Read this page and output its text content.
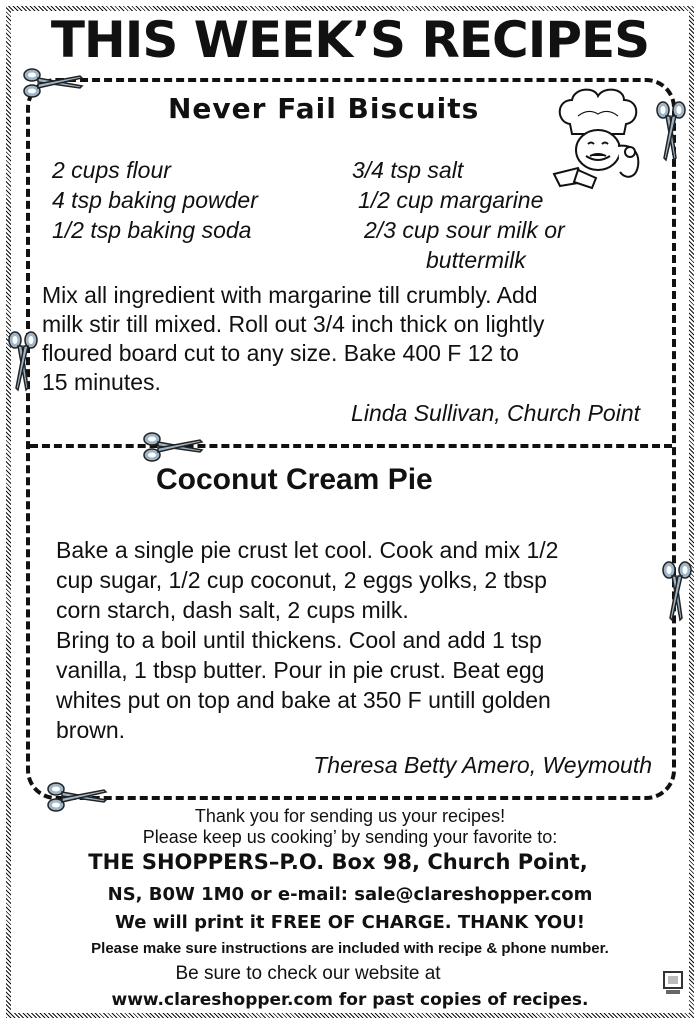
THIS WEEK’S RECIPES
Never Fail Biscuits
2 cups flour
4 tsp baking powder
1/2 tsp baking soda
3/4 tsp salt
1/2 cup margarine
2/3 cup sour milk or
buttermilk
Mix all ingredient with margarine till crumbly. Add
milk stir till mixed. Roll out 3/4 inch thick on lightly
floured board cut to any size. Bake 400 F 12 to
15 minutes.
Linda Sullivan, Church Point
Coconut Cream Pie
Bake a single pie crust let cool. Cook and mix 1/2
cup sugar, 1/2 cup coconut, 2 eggs yolks, 2 tbsp
corn starch, dash salt, 2 cups milk.
Bring to a boil until thickens. Cool and add 1 tsp
vanilla, 1 tbsp butter. Pour in pie crust. Beat egg
whites put on top and bake at 350 F untill golden
brown.
Theresa Betty Amero, Weymouth
Thank you for sending us your recipes!
Please keep us cooking’ by sending your favorite to:
THE SHOPPERS–P.O. Box 98, Church Point,
NS, B0W 1M0 or e-mail: sale@clareshopper.com
We will print it FREE OF CHARGE. THANK YOU!
Please make sure instructions are included with recipe & phone number.
Be sure to check our website at
www.clareshopper.com for past copies of recipes.
